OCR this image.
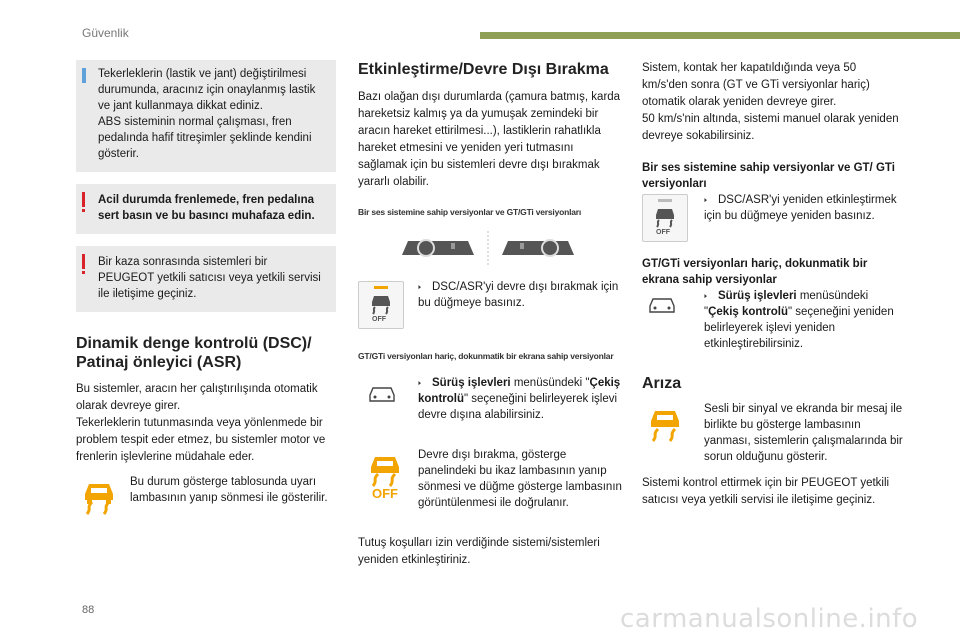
Güvenlik
88	carmanualsonline.info
Tekerleklerin (lastik ve jant) değiştirilmesi durumunda, aracınız için onaylanmış lastik ve jant kullanmaya dikkat ediniz.
ABS sisteminin normal çalışması, fren pedalında hafif titreşimler şeklinde kendini gösterir.
Acil durumda frenlemede, fren pedalına sert basın ve bu basıncı muhafaza edin.
Bir kaza sonrasında sistemleri bir PEUGEOT yetkili satıcısı veya yetkili servisi ile iletişime geçiniz.
Dinamik denge kontrolü (DSC)/ Patinaj önleyici (ASR)

Bu sistemler, aracın her çalıştırılışında otomatik olarak devreye girer.

Tekerleklerin tutunmasında veya yönlenmede bir problem tespit eder etmez, bu sistemler motor ve frenlerin işlevlerine müdahale eder.

Bu durum gösterge tablosunda uyarı lambasının yanıp sönmesi ile gösterilir.
Etkinleştirme/Devre Dışı Bırakma

Bazı olağan dışı durumlarda (çamura batmış, karda hareketsiz kalmış ya da yumuşak zemindeki bir aracın hareket ettirilmesi...), lastiklerin rahatlıkla hareket etmesini ve yeniden yeri tutmasını sağlamak için bu sistemleri devre dışı bırakmak yararlı olabilir.

Bir ses sistemine sahip versiyonlar ve GT/GTi versiyonları
OFF
🢒 DSC/ASR'yi devre dışı bırakmak için bu düğmeye basınız.
GT/GTi versiyonları hariç, dokunmatik bir ekrana sahip versiyonlar
🢒 Sürüş işlevleri menüsündeki "Çekiş kontrolü" seçeneğini belirleyerek işlevi devre dışına alabilirsiniz.
OFF
Devre dışı bırakma, gösterge panelindeki bu ikaz lambasının yanıp sönmesi ve düğme gösterge lambasının görüntülenmesi ile doğrulanır.

Tutuş koşulları izin verdiğinde sistemi/sistemleri yeniden etkinleştiriniz.

Sistem, kontak her kapatıldığında veya 50 km/s'den sonra (GT ve GTi versiyonlar hariç) otomatik olarak yeniden devreye girer.

50 km/s'nin altında, sistemi manuel olarak yeniden devreye sokabilirsiniz.

Bir ses sistemine sahip versiyonlar ve GT/ GTi versiyonları
OFF
🢒 DSC/ASR'yi yeniden etkinleştirmek için bu düğmeye yeniden basınız.
GT/GTi versiyonları hariç, dokunmatik bir ekrana sahip versiyonlar
🢒 Sürüş işlevleri menüsündeki "Çekiş kontrolü" seçeneğini yeniden belirleyerek işlevi yeniden etkinleştirebilirsiniz.
Arıza
Sesli bir sinyal ve ekranda bir mesaj ile birlikte bu gösterge lambasının yanması, sistemlerin çalışmalarında bir sorun olduğunu gösterir.

Sistemi kontrol ettirmek için bir PEUGEOT yetkili satıcısı veya yetkili servisi ile iletişime geçiniz.
